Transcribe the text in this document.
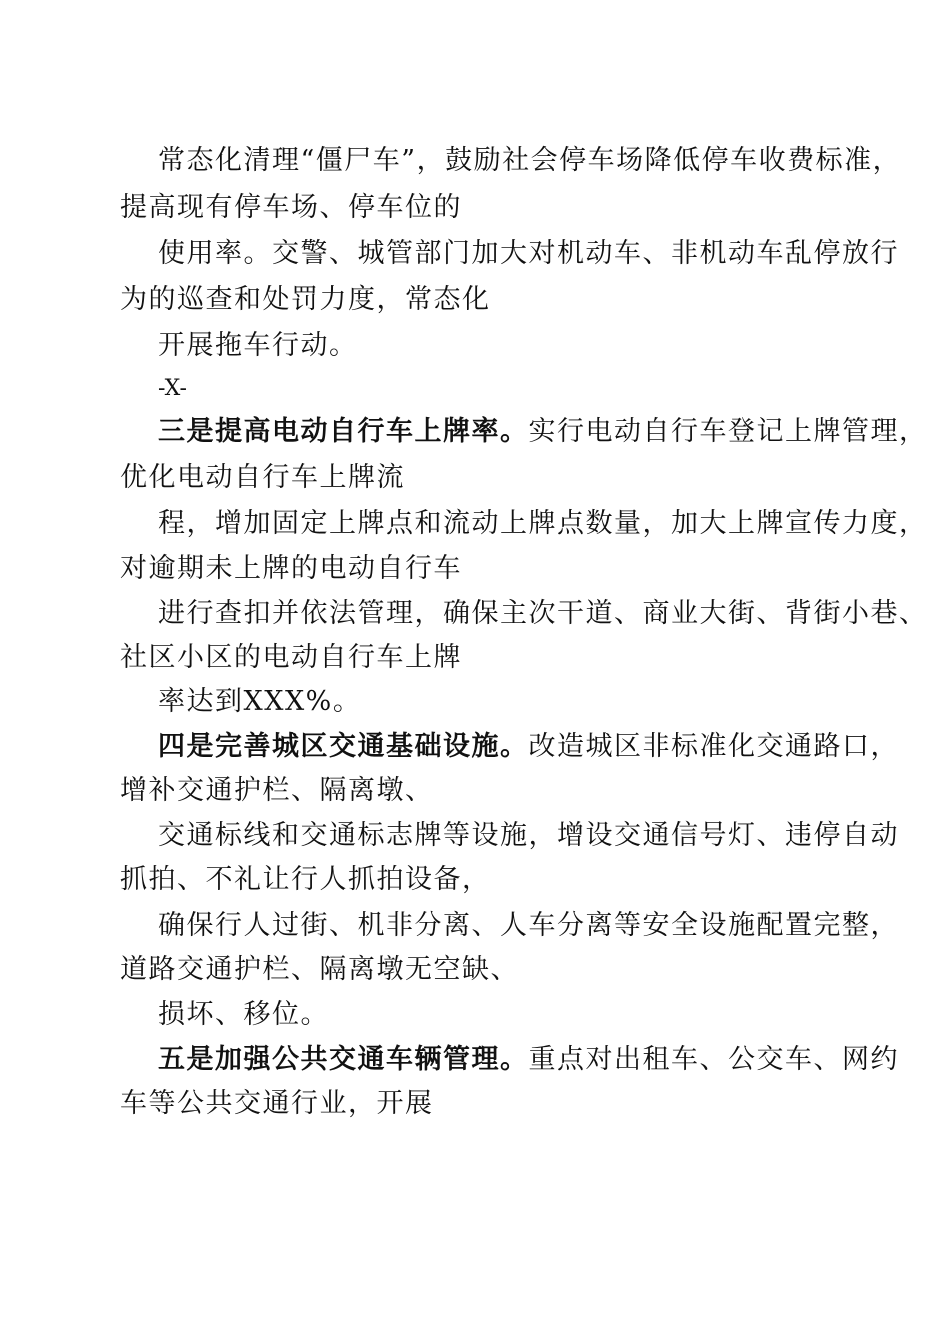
常态化清理“僵尸车”，鼓励社会停车场降低停车收费标准，
提高现有停车场、停车位的
使用率。交警、城管部门加大对机动车、非机动车乱停放行
为的巡查和处罚力度，常态化
开展拖车行动。
-X-
三是提高电动自行车上牌率。实行电动自行车登记上牌管理，
优化电动自行车上牌流
程，增加固定上牌点和流动上牌点数量，加大上牌宣传力度，
对逾期未上牌的电动自行车
进行查扣并依法管理，确保主次干道、商业大街、背街小巷、
社区小区的电动自行车上牌
率达到XXX%。
四是完善城区交通基础设施。改造城区非标准化交通路口，
增补交通护栏、隔离墩、
交通标线和交通标志牌等设施，增设交通信号灯、违停自动
抓拍、不礼让行人抓拍设备，
确保行人过街、机非分离、人车分离等安全设施配置完整，
道路交通护栏、隔离墩无空缺、
损坏、移位。
五是加强公共交通车辆管理。重点对出租车、公交车、网约
车等公共交通行业，开展
